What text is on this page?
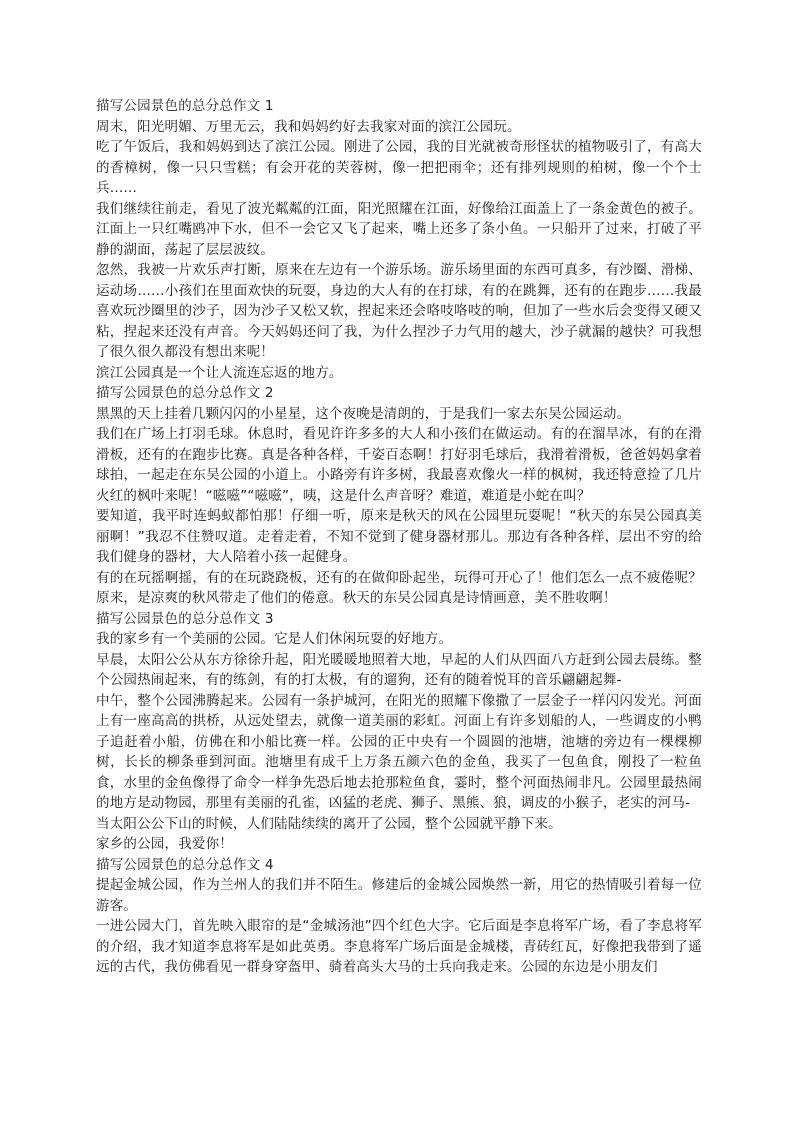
描写公园景色的总分总作文 1

周末，阳光明媚、万里无云，我和妈妈约好去我家对面的滨江公园玩。

吃了午饭后，我和妈妈到达了滨江公园。刚进了公园，我的目光就被奇形怪状的植物吸引了，有高大的香樟树，像一只只雪糕；有会开花的芙蓉树，像一把把雨伞；还有排列规则的柏树，像一个个士兵……

我们继续往前走，看见了波光粼粼的江面，阳光照耀在江面，好像给江面盖上了一条金黄色的被子。江面上一只红嘴鸥冲下水，但不一会它又飞了起来，嘴上还多了条小鱼。一只船开了过来，打破了平静的湖面，荡起了层层波纹。

忽然，我被一片欢乐声打断，原来在左边有一个游乐场。游乐场里面的东西可真多，有沙圈、滑梯、运动场……小孩们在里面欢快的玩耍，身边的大人有的在打球，有的在跳舞，还有的在跑步……我最喜欢玩沙圈里的沙子，因为沙子又松又软，捏起来还会咯吱咯吱的响，但加了一些水后会变得又硬又粘，捏起来还没有声音。今天妈妈还问了我，为什么捏沙子力气用的越大，沙子就漏的越快？可我想了很久很久都没有想出来呢！

滨江公园真是一个让人流连忘返的地方。

描写公园景色的总分总作文 2

黑黑的天上挂着几颗闪闪的小星星，这个夜晚是清朗的，于是我们一家去东吴公园运动。

我们在广场上打羽毛球。休息时，看见许许多多的大人和小孩们在做运动。有的在溜旱冰，有的在滑滑板，还有的在跑步比赛。真是各种各样，千姿百态啊！打好羽毛球后，我滑着滑板，爸爸妈妈拿着球拍，一起走在东吴公园的小道上。小路旁有许多树，我最喜欢像火一样的枫树，我还特意捡了几片火红的枫叶来呢！“嗞嗞”“嗞嗞”，咦，这是什么声音呀？难道，难道是小蛇在叫？

要知道，我平时连蚂蚁都怕那！仔细一听，原来是秋天的风在公园里玩耍呢！“秋天的东吴公园真美丽啊！”我忍不住赞叹道。走着走着，不知不觉到了健身器材那儿。那边有各种各样，层出不穷的给我们健身的器材，大人陪着小孩一起健身。

有的在玩摇啊摇，有的在玩跷跷板，还有的在做仰卧起坐，玩得可开心了！他们怎么一点不疲倦呢？原来，是凉爽的秋风带走了他们的倦意。秋天的东吴公园真是诗情画意，美不胜收啊！

描写公园景色的总分总作文 3

我的家乡有一个美丽的公园。它是人们休闲玩耍的好地方。

早晨，太阳公公从东方徐徐升起，阳光暖暖地照着大地，早起的人们从四面八方赶到公园去晨练。整个公园热闹起来，有的练剑，有的打太极，有的遛狗，还有的随着悦耳的音乐翩翩起舞-

中午，整个公园沸腾起来。公园有一条护城河，在阳光的照耀下像撒了一层金子一样闪闪发光。河面上有一座高高的拱桥，从远处望去，就像一道美丽的彩虹。河面上有许多划船的人，一些调皮的小鸭子追赶着小船，仿佛在和小船比赛一样。公园的正中央有一个圆圆的池塘，池塘的旁边有一棵棵柳树，长长的柳条垂到河面。池塘里有成千上万条五颜六色的金鱼，我买了一包鱼食，刚投了一粒鱼食，水里的金鱼像得了命令一样争先恐后地去抢那粒鱼食，霎时，整个河面热闹非凡。公园里最热闹的地方是动物园，那里有美丽的孔雀，凶猛的老虎、狮子、黑熊、狼，调皮的小猴子，老实的河马-

当太阳公公下山的时候，人们陆陆续续的离开了公园，整个公园就平静下来。

家乡的公园，我爱你！

描写公园景色的总分总作文 4

提起金城公园，作为兰州人的我们并不陌生。修建后的金城公园焕然一新，用它的热情吸引着每一位游客。

一进公园大门，首先映入眼帘的是“金城汤池”四个红色大字。它后面是李息将军广场，看了李息将军的介绍，我才知道李息将军是如此英勇。李息将军广场后面是金城楼，青砖红瓦，好像把我带到了遥远的古代，我仿佛看见一群身穿盔甲、骑着高头大马的士兵向我走来。公园的东边是小朋友们
